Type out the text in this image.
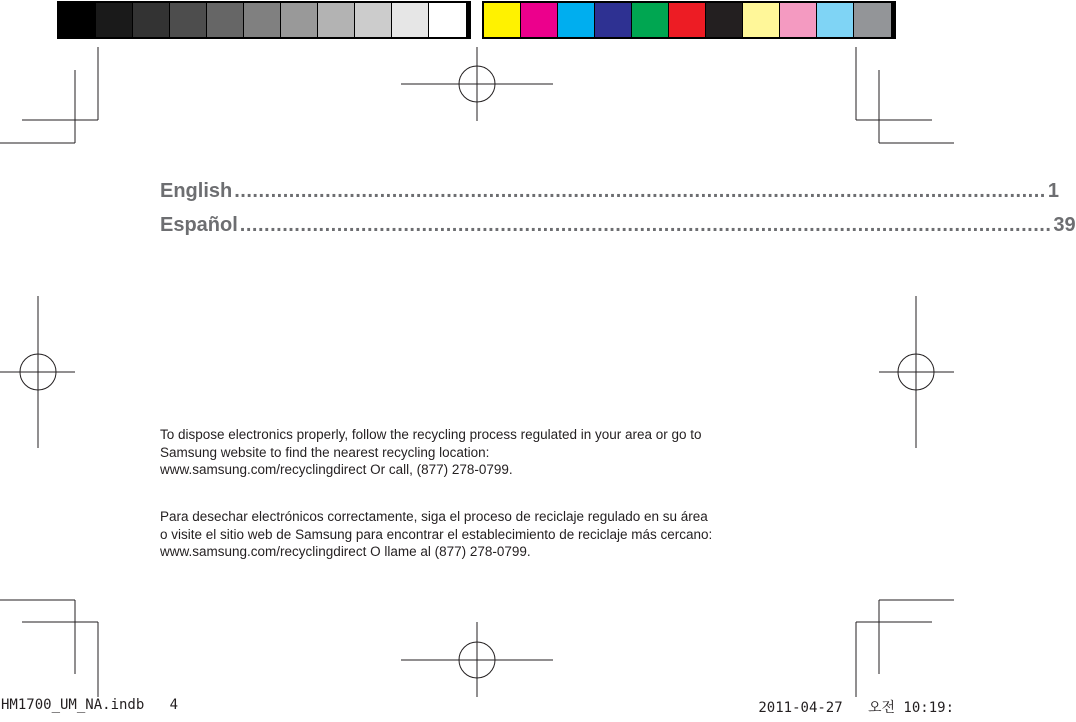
English ...................................................................................................................................... 1
Español ...................................................................................................................................... 39
To dispose electronics properly, follow the recycling process regulated in your area or go to
Samsung website to find the nearest recycling location:
www.samsung.com/recyclingdirect Or call, (877) 278-0799.
Para desechar electrónicos correctamente, siga el proceso de reciclaje regulado en su área
o visite el sitio web de Samsung para encontrar el establecimiento de reciclaje más cercano:
www.samsung.com/recyclingdirect O llame al (877) 278-0799.
HM1700_UM_NA.indb 4	2011-04-27   오전 10:19:
